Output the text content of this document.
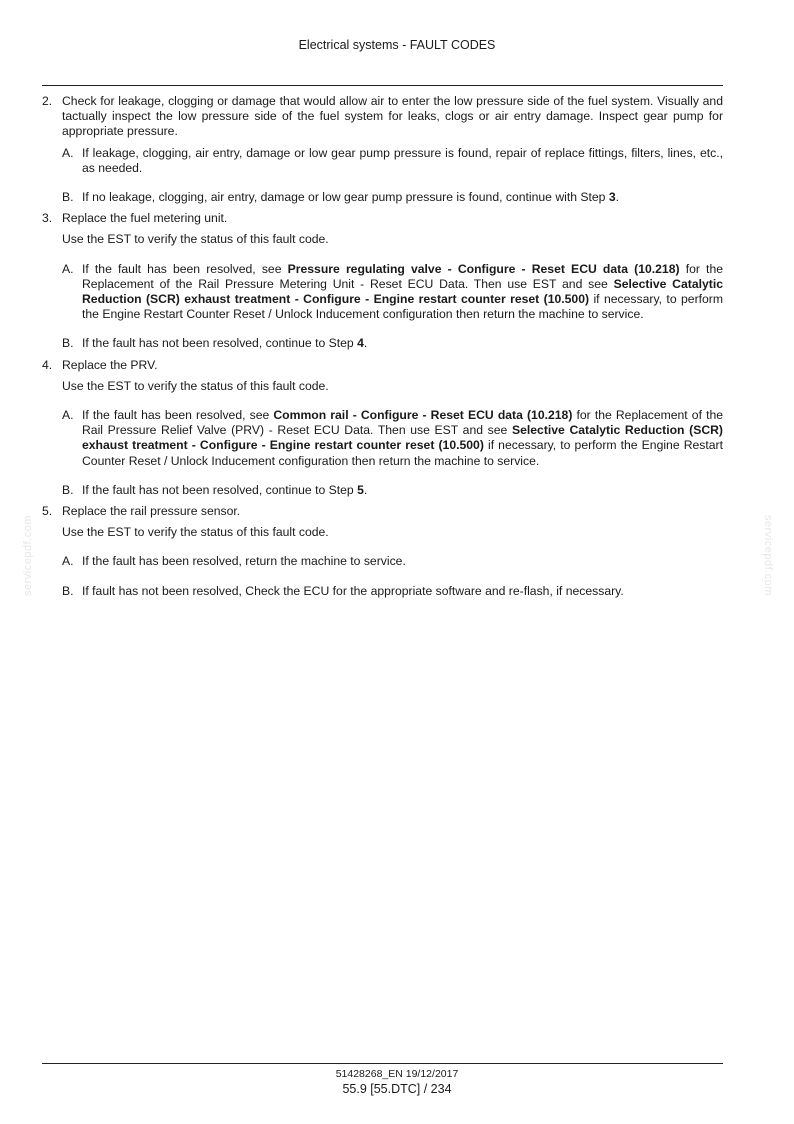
Electrical systems - FAULT CODES
servicepdf.com	servicepdf.com
2. Check for leakage, clogging or damage that would allow air to enter the low pressure side of the fuel system. Visually and tactually inspect the low pressure side of the fuel system for leaks, clogs or air entry damage. Inspect gear pump for appropriate pressure.
A. If leakage, clogging, air entry, damage or low gear pump pressure is found, repair of replace fittings, filters, lines, etc., as needed.
B. If no leakage, clogging, air entry, damage or low gear pump pressure is found, continue with Step 3.
3. Replace the fuel metering unit.
Use the EST to verify the status of this fault code.
A. If the fault has been resolved, see Pressure regulating valve - Configure - Reset ECU data (10.218) for the Replacement of the Rail Pressure Metering Unit - Reset ECU Data. Then use EST and see Selective Catalytic Reduction (SCR) exhaust treatment - Configure - Engine restart counter reset (10.500) if necessary, to perform the Engine Restart Counter Reset / Unlock Inducement configuration then return the machine to service.
B. If the fault has not been resolved, continue to Step 4.
4. Replace the PRV.
Use the EST to verify the status of this fault code.
A. If the fault has been resolved, see Common rail - Configure - Reset ECU data (10.218) for the Replacement of the Rail Pressure Relief Valve (PRV) - Reset ECU Data. Then use EST and see Selective Catalytic Reduction (SCR) exhaust treatment - Configure - Engine restart counter reset (10.500) if necessary, to perform the Engine Restart Counter Reset / Unlock Inducement configuration then return the machine to service.
B. If the fault has not been resolved, continue to Step 5.
5. Replace the rail pressure sensor.
Use the EST to verify the status of this fault code.
A. If the fault has been resolved, return the machine to service.
B. If fault has not been resolved, Check the ECU for the appropriate software and re-flash, if necessary.
51428268_EN 19/12/2017
55.9 [55.DTC] / 234
